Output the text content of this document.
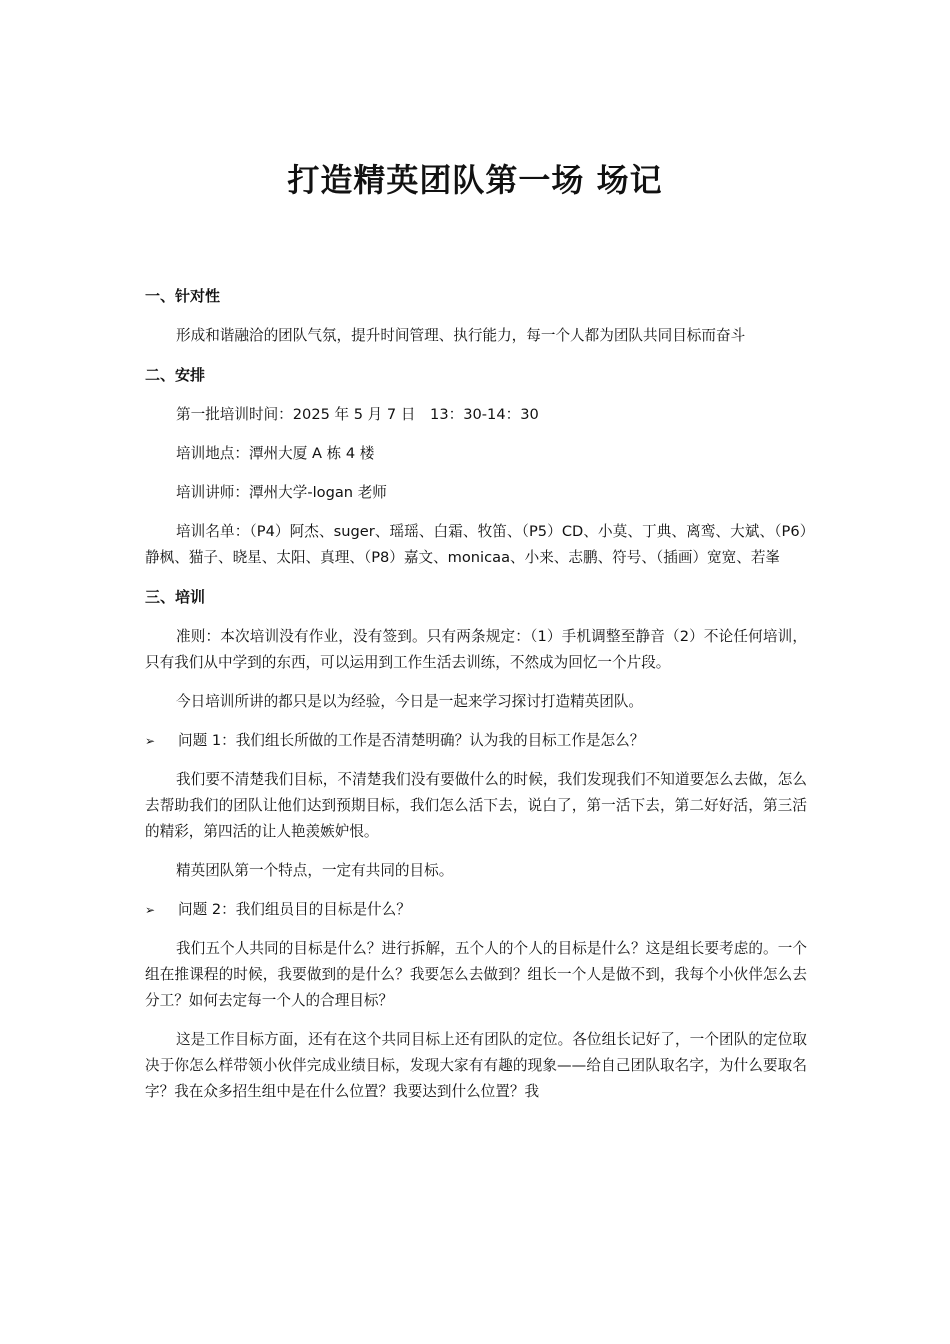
打造精英团队第一场 场记
一、针对性

形成和谐融洽的团队气氛，提升时间管理、执行能力，每一个人都为团队共同目标而奋斗

二、安排

第一批培训时间：2025 年 5 月 7 日　13：30-14：30

培训地点：潭州大厦 A 栋 4 楼

培训讲师：潭州大学-logan 老师

培训名单：（P4）阿杰、suger、瑶瑶、白霜、牧笛、（P5）CD、小莫、丁典、离鸾、大斌、（P6）静枫、猫子、晓星、太阳、真理、（P8）嘉文、monicaa、小来、志鹏、符号、（插画）宽宽、若峯

三、培训

准则：本次培训没有作业，没有签到。只有两条规定：（1）手机调整至静音（2）不论任何培训，只有我们从中学到的东西，可以运用到工作生活去训练，不然成为回忆一个片段。

今日培训所讲的都只是以为经验，今日是一起来学习探讨打造精英团队。

➢	问题 1：我们组长所做的工作是否清楚明确？认为我的目标工作是怎么？

我们要不清楚我们目标，不清楚我们没有要做什么的时候，我们发现我们不知道要怎么去做，怎么去帮助我们的团队让他们达到预期目标，我们怎么活下去，说白了，第一活下去，第二好好活，第三活的精彩，第四活的让人艳羡嫉妒恨。

精英团队第一个特点，一定有共同的目标。

➢	问题 2：我们组员目的目标是什么？

我们五个人共同的目标是什么？进行拆解，五个人的个人的目标是什么？这是组长要考虑的。一个组在推课程的时候，我要做到的是什么？我要怎么去做到？组长一个人是做不到，我每个小伙伴怎么去分工？如何去定每一个人的合理目标？

这是工作目标方面，还有在这个共同目标上还有团队的定位。各位组长记好了，一个团队的定位取决于你怎么样带领小伙伴完成业绩目标，发现大家有有趣的现象——给自己团队取名字，为什么要取名字？我在众多招生组中是在什么位置？我要达到什么位置？我
